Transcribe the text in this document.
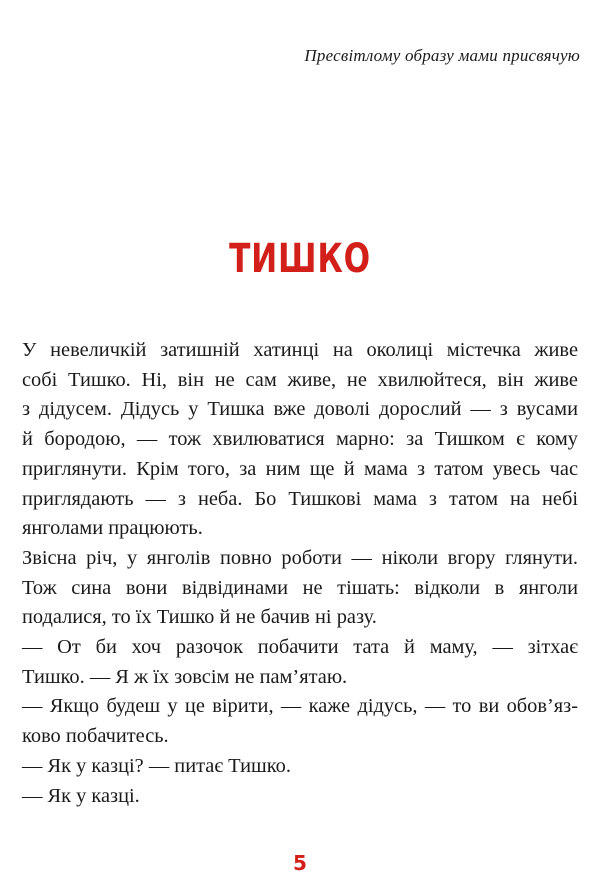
Пресвітлому образу мами присвячую
ТИШКО

У невеличкій затишній хатинці на околиці містечка живе
собі Тишко. Ні, він не сам живе, не хвилюйтеся, він живе
з дідусем. Дідусь у Тишка вже доволі дорослий — з вусами
й бородою, — тож хвилюватися марно: за Тишком є кому
приглянути. Крім того, за ним ще й мама з татом увесь час
приглядають — з неба. Бо Тишкові мама з татом на небі
янголами працюють.

Звісна річ, у янголів повно роботи — ніколи вгору глянути.
Тож сина вони відвідинами не тішать: відколи в янголи
подалися, то їх Тишко й не бачив ні разу.

— От би хоч разочок побачити тата й маму, — зітхає
Тишко. — Я ж їх зовсім не пам’ятаю.

— Якщо будеш у це вірити, — каже дідусь, — то ви обов’яз-
ково побачитесь.

— Як у казці? — питає Тишко.

— Як у казці.

5
